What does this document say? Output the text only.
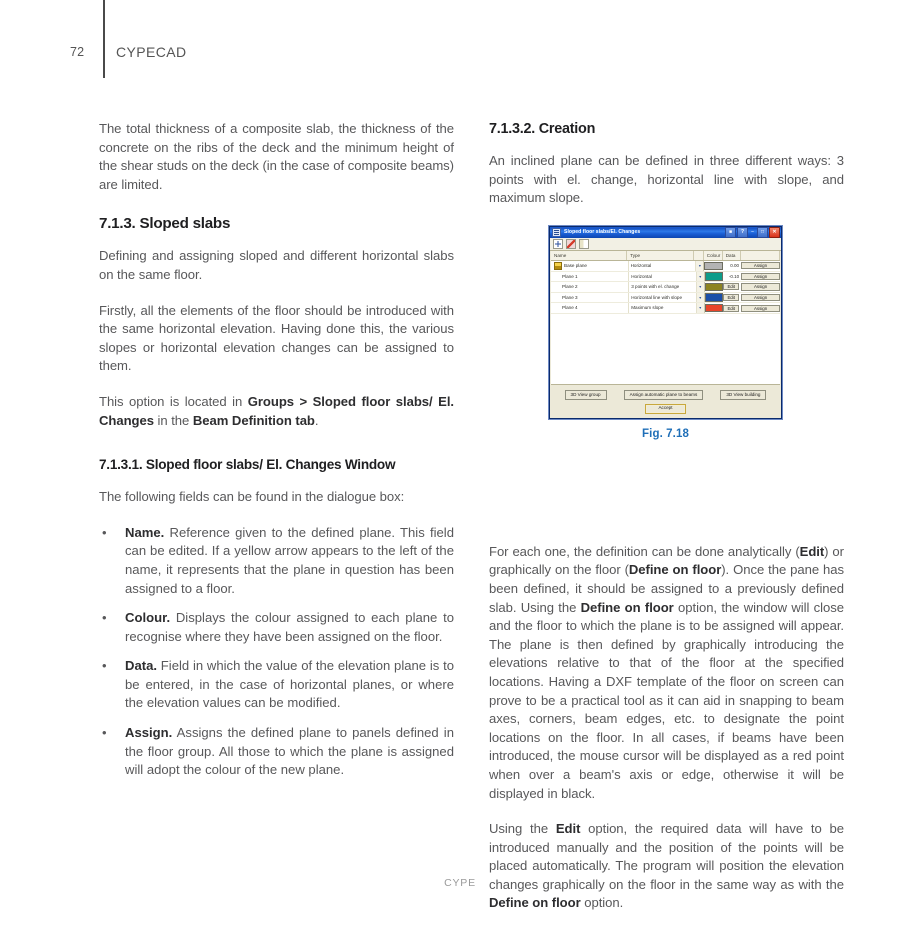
72 CYPECAD

The total thickness of a composite slab, the thickness of the concrete on the ribs of the deck and the minimum height of the shear studs on the deck (in the case of composite beams) are limited.

7.1.3. Sloped slabs

Defining and assigning sloped and different horizontal slabs on the same floor.

Firstly, all the elements of the floor should be introduced with the same horizontal elevation. Having done this, the various slopes or horizontal elevation changes can be assigned to them.

This option is located in Groups > Sloped floor slabs/ El. Changes in the Beam Definition tab.

7.1.3.1. Sloped floor slabs/ El. Changes Window

The following fields can be found in the dialogue box:

• Name. Reference given to the defined plane. This field can be edited. If a yellow arrow appears to the left of the name, it represents that the plane in question has been assigned to a floor.
• Colour. Displays the colour assigned to each plane to recognise where they have been assigned on the floor.
• Data. Field in which the value of the elevation plane is to be entered, in the case of horizontal planes, or where the elevation values can be modified.
• Assign. Assigns the defined plane to panels defined in the floor group. All those to which the plane is assigned will adopt the colour of the new plane.
7.1.3.2. Creation

An inclined plane can be defined in three different ways: 3 points with el. change, horizontal line with slope, and maximum slope.

For each one, the definition can be done analytically (Edit) or graphically on the floor (Define on floor). Once the pane has been defined, it should be assigned to a previously defined slab. Using the Define on floor option, the window will close and the floor to which the plane is to be assigned will appear. The plane is then defined by graphically introducing the elevations relative to that of the floor at the specified locations. Having a DXF template of the floor on screen can prove to be a practical tool as it can aid in snapping to beam axes, corners, beam edges, etc. to designate the point locations on the floor. In all cases, if beams have been introduced, the mouse cursor will be displayed as a red point when over a beam's axis or edge, otherwise it will be displayed in black.

Using the Edit option, the required data will have to be introduced manually and the position of the points will be placed automatically. The program will position the elevation changes graphically on the floor in the same way as with the Define on floor option.

Sloped floor slabs/El. Changes	■	?	–	□	✕
Name	Type	Colour	Data
Base plane	Horizontal	▾	0.00	Assign
Plane 1	Horizontal	▾	-0.10	Assign
Plane 2	3 points with el. change	▾	Edit	Assign
Plane 3	Horizontal line with slope	▾	Edit	Assign
Plane 4	Maximum slope	▾	Edit	Assign
3D View group	Assign automatic plane to beams	3D View building
Accept
Fig. 7.18
CYPE
